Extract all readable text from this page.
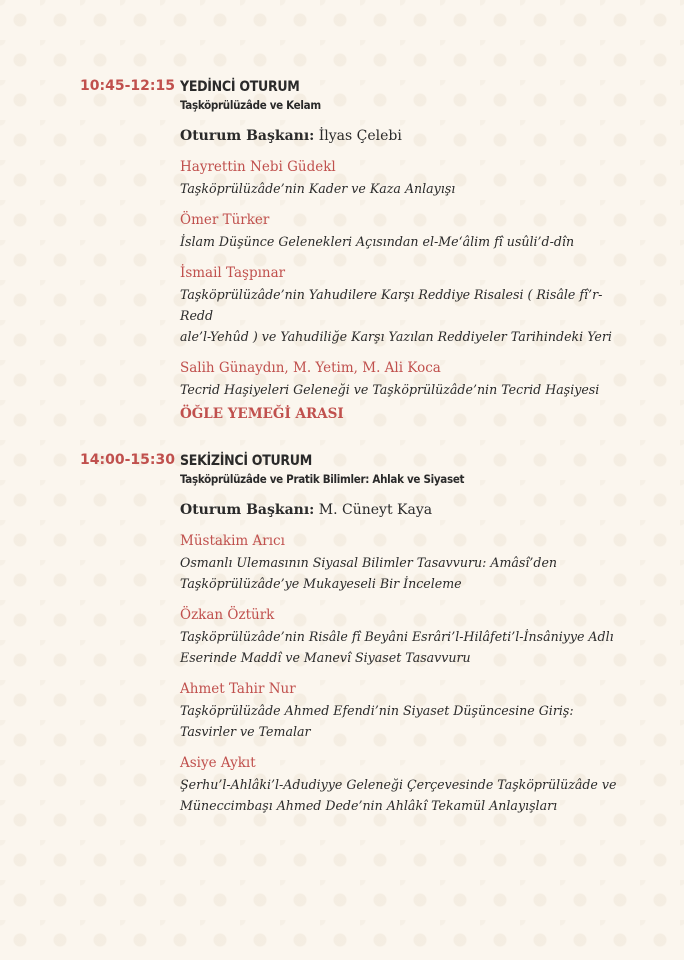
10:45-12:15 YEDİNCİ OTURUM
Taşköprülüzâde ve Kelam
Oturum Başkanı: İlyas Çelebi
Hayrettin Nebi Güdekl
Taşköprülüzâde’nin Kader ve Kaza Anlayışı
Ömer Türker
İslam Düşünce Gelenekleri Açısından el-Me‘âlim fî usûli’d-dîn
İsmail Taşpınar
Taşköprülüzâde’nin Yahudilere Karşı Reddiye Risalesi ( Risâle fî’r-Redd
ale’l-Yehûd ) ve Yahudiliğe Karşı Yazılan Reddiyeler Tarihindeki Yeri
Salih Günaydın, M. Yetim, M. Ali Koca
Tecrid Haşiyeleri Geleneği ve Taşköprülüzâde’nin Tecrid Haşiyesi
ÖĞLE YEMEĞİ ARASI
14:00-15:30 SEKİZİNCİ OTURUM
Taşköprülüzâde ve Pratik Bilimler: Ahlak ve Siyaset
Oturum Başkanı: M. Cüneyt Kaya
Müstakim Arıcı
Osmanlı Ulemasının Siyasal Bilimler Tasavvuru: Amâsî’den
Taşköprülüzâde’ye Mukayeseli Bir İnceleme
Özkan Öztürk
Taşköprülüzâde’nin Risâle fî Beyâni Esrâri’l-Hilâfeti’l-İnsâniyye Adlı
Eserinde Maddî ve Manevî Siyaset Tasavvuru
Ahmet Tahir Nur
Taşköprülüzâde Ahmed Efendi’nin Siyaset Düşüncesine Giriş:
Tasvirler ve Temalar
Asiye Aykıt
Şerhu’l-Ahlâki’l-Adudiyye Geleneği Çerçevesinde Taşköprülüzâde ve
Müneccimbaşı Ahmed Dede’nin Ahlâkî Tekamül Anlayışları
